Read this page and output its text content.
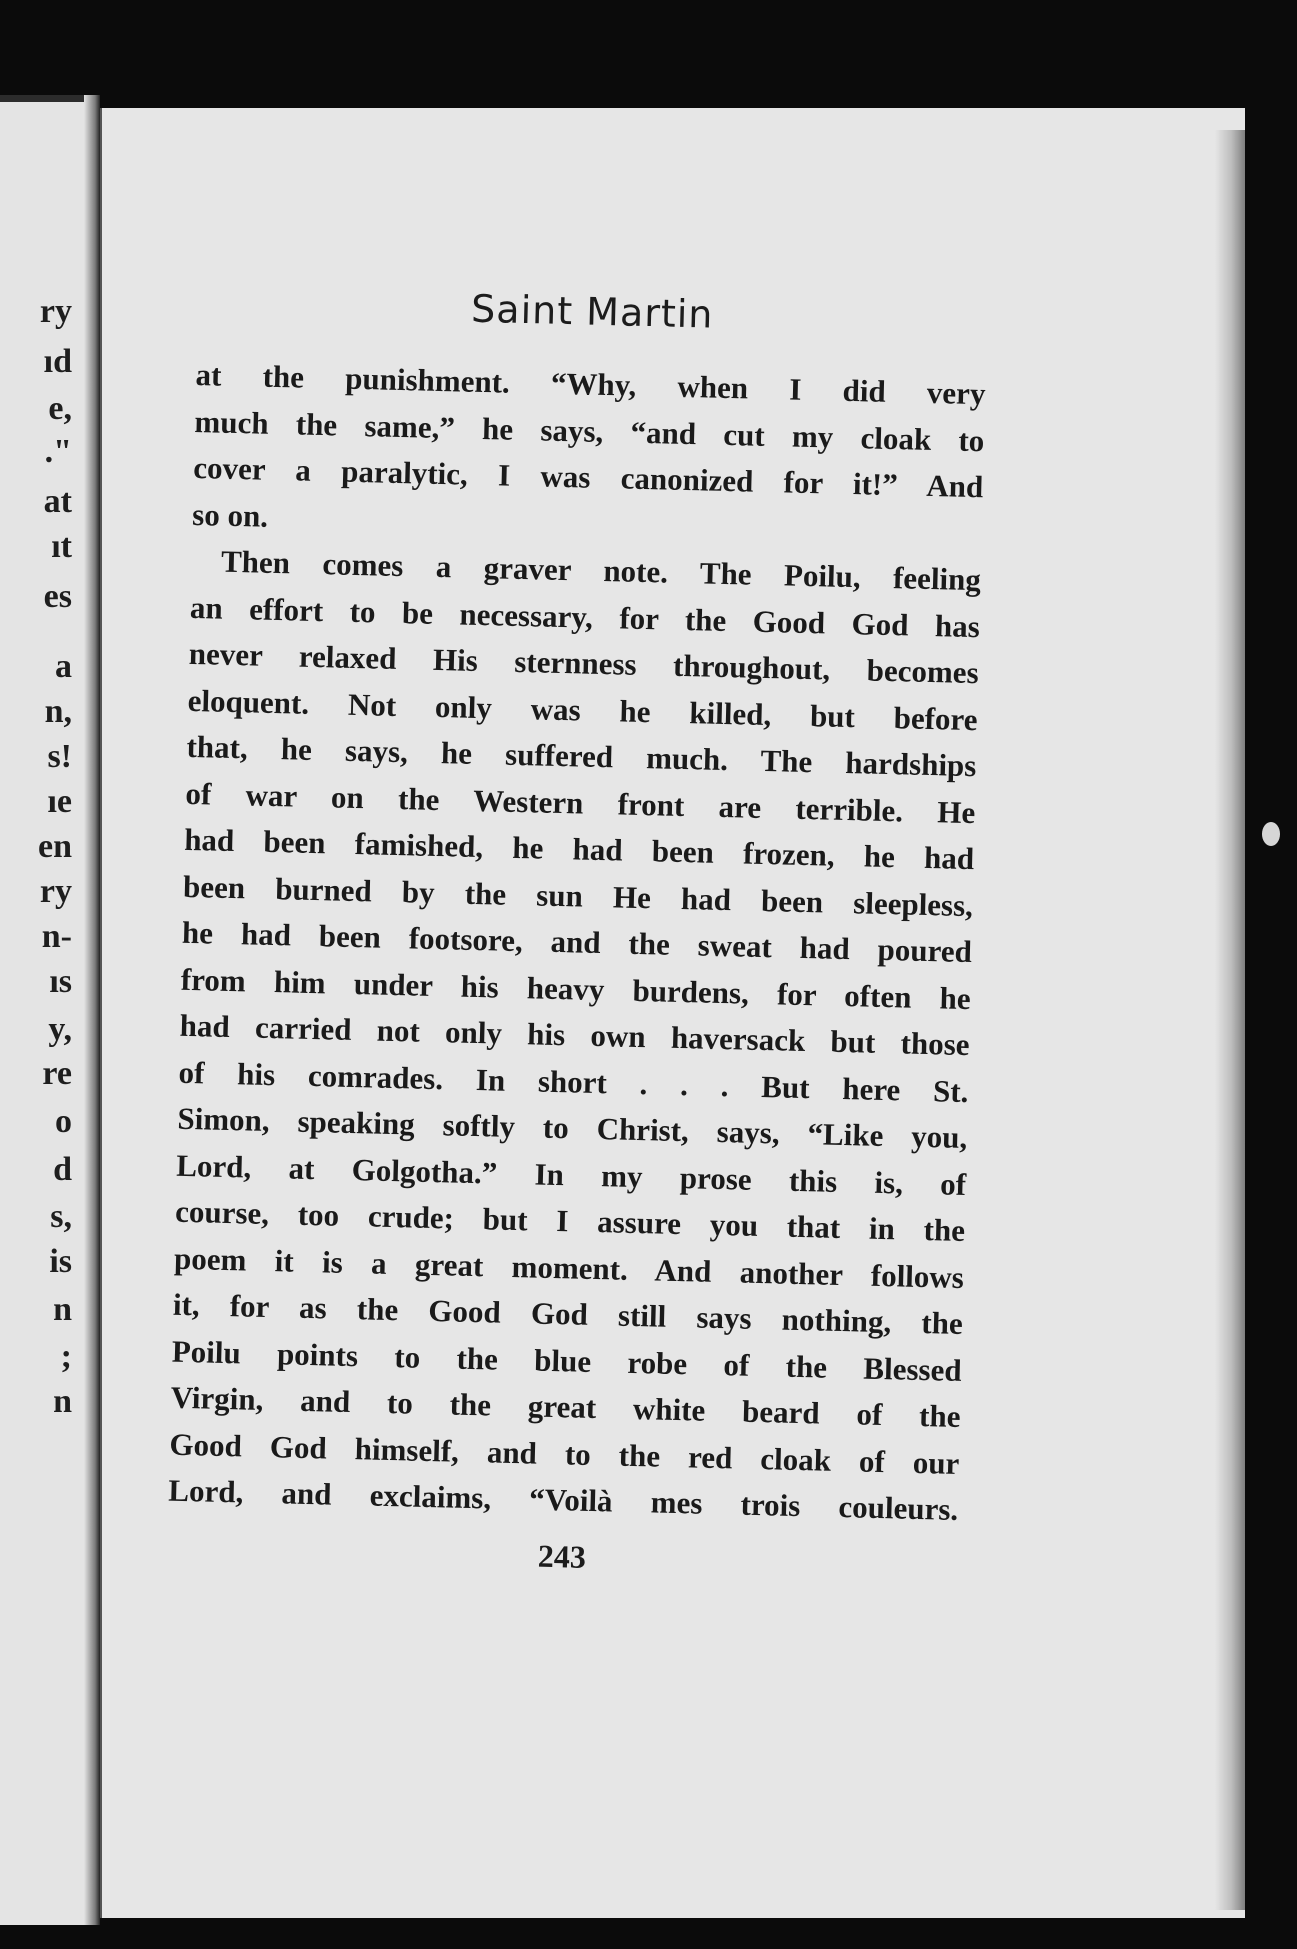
ry
ıd
e,
."
at
ıt
es
a
n,
s!
ıe
en
ry
n-
ıs
y,
re
o
d
s,
is
n
;
n
Saint Martin
at the punishment. “Why, when I did very
much the same,” he says, “and cut my cloak to
cover a paralytic, I was canonized for it!” And
so on.
Then comes a graver note. The Poilu, feeling
an effort to be necessary, for the Good God has
never relaxed His sternness throughout, becomes
eloquent. Not only was he killed, but before
that, he says, he suffered much. The hardships
of war on the Western front are terrible. He
had been famished, he had been frozen, he had
been burned by the sun He had been sleepless,
he had been footsore, and the sweat had poured
from him under his heavy burdens, for often he
had carried not only his own haversack but those
of his comrades. In short . . . But here St.
Simon, speaking softly to Christ, says, “Like you,
Lord, at Golgotha.” In my prose this is, of
course, too crude; but I assure you that in the
poem it is a great moment. And another follows
it, for as the Good God still says nothing, the
Poilu points to the blue robe of the Blessed
Virgin, and to the great white beard of the
Good God himself, and to the red cloak of our
Lord, and exclaims, “Voilà mes trois couleurs.
243
